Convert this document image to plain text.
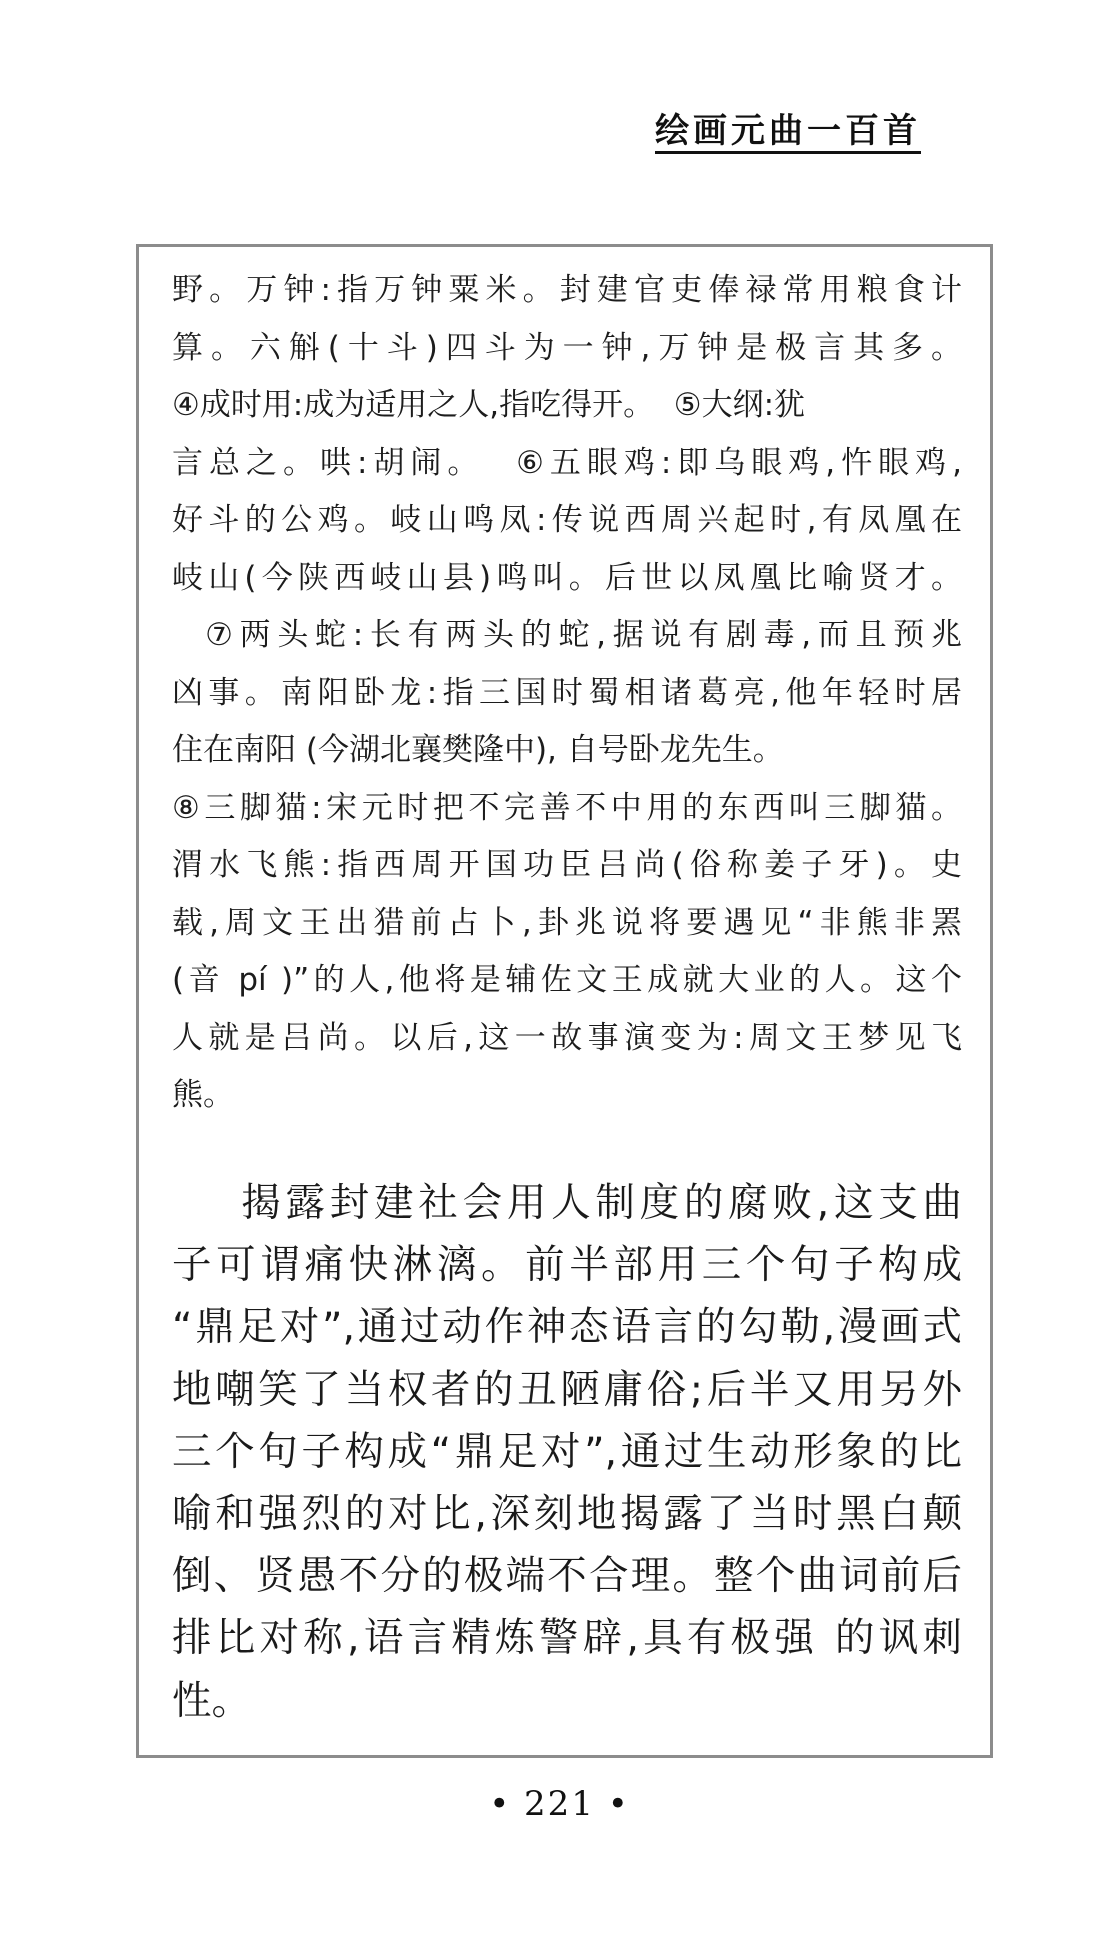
绘画元曲一百首
野。万钟:指万钟粟米。封建官吏俸禄常用粮食计
算。六斛(十斗)四斗为一钟,万钟是极言其多。
④成时用:成为适用之人,指吃得开。  ⑤大纲:犹
言总之。哄:胡闹。  ⑥五眼鸡:即乌眼鸡,忤眼鸡,
好斗的公鸡。岐山鸣凤:传说西周兴起时,有凤凰在
岐山(今陕西岐山县)鸣叫。后世以凤凰比喻贤才。
⑦两头蛇:长有两头的蛇,据说有剧毒,而且预兆
凶事。南阳卧龙:指三国时蜀相诸葛亮,他年轻时居
住在南阳 (今湖北襄樊隆中), 自号卧龙先生。
⑧三脚猫:宋元时把不完善不中用的东西叫三脚猫。
渭水飞熊:指西周开国功臣吕尚(俗称姜子牙)。史
载,周文王出猎前占卜,卦兆说将要遇见“非熊非罴
(音 pí )”的人,他将是辅佐文王成就大业的人。这个
人就是吕尚。以后,这一故事演变为:周文王梦见飞
熊。
揭露封建社会用人制度的腐败,这支曲
子可谓痛快淋漓。前半部用三个句子构成
“鼎足对”,通过动作神态语言的勾勒,漫画式
地嘲笑了当权者的丑陋庸俗;后半又用另外
三个句子构成“鼎足对”,通过生动形象的比
喻和强烈的对比,深刻地揭露了当时黑白颠
倒、贤愚不分的极端不合理。整个曲词前后
排比对称,语言精炼警辟,具有极强 的讽刺
性。
• 221 •
